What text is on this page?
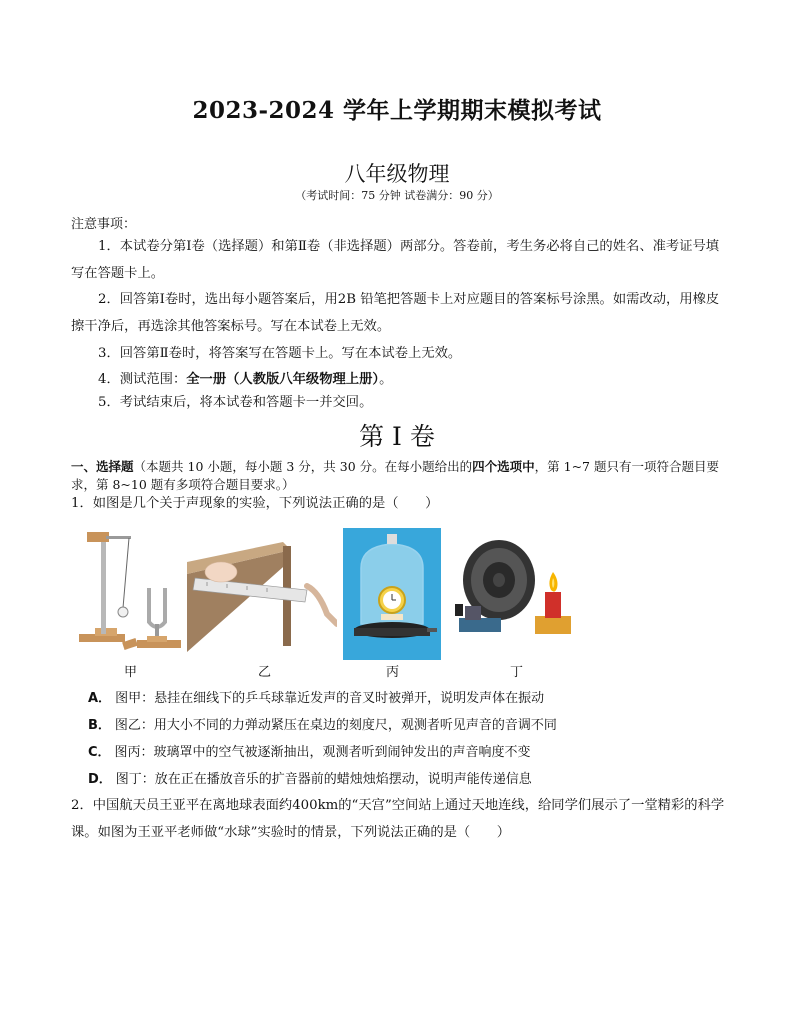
2023-2024 学年上学期期末模拟考试
八年级物理
（考试时间：75 分钟 试卷满分：90 分）
注意事项：

1．本试卷分第Ⅰ卷（选择题）和第Ⅱ卷（非选择题）两部分。答卷前，考生务必将自己的姓名、准考证号填写在答题卡上。

2．回答第Ⅰ卷时，选出每小题答案后，用2B 铅笔把答题卡上对应题目的答案标号涂黑。如需改动，用橡皮擦干净后，再选涂其他答案标号。写在本试卷上无效。

3．回答第Ⅱ卷时，将答案写在答题卡上。写在本试卷上无效。

4．测试范围：全一册（人教版八年级物理上册）。

5．考试结束后，将本试卷和答题卡一并交回。

第 I 卷

一、选择题（本题共 10 小题，每小题 3 分，共 30 分。在每小题给出的四个选项中，第 1~7 题只有一项符合题目要求，第 8~10 题有多项符合题目要求。）

1．如图是几个关于声现象的实验，下列说法正确的是（　　）

甲	乙	丙	丁
A． 图甲：悬挂在细线下的乒乓球靠近发声的音叉时被弹开，说明发声体在振动
B． 图乙：用大小不同的力弹动紧压在桌边的刻度尺，观测者听见声音的音调不同
C． 图丙：玻璃罩中的空气被逐渐抽出，观测者听到闹钟发出的声音响度不变
D． 图丁：放在正在播放音乐的扩音器前的蜡烛烛焰摆动，说明声能传递信息

2．中国航天员王亚平在离地球表面约400km的“天宫”空间站上通过天地连线，给同学们展示了一堂精彩的科学课。如图为王亚平老师做“水球”实验时的情景，下列说法正确的是（　　）
